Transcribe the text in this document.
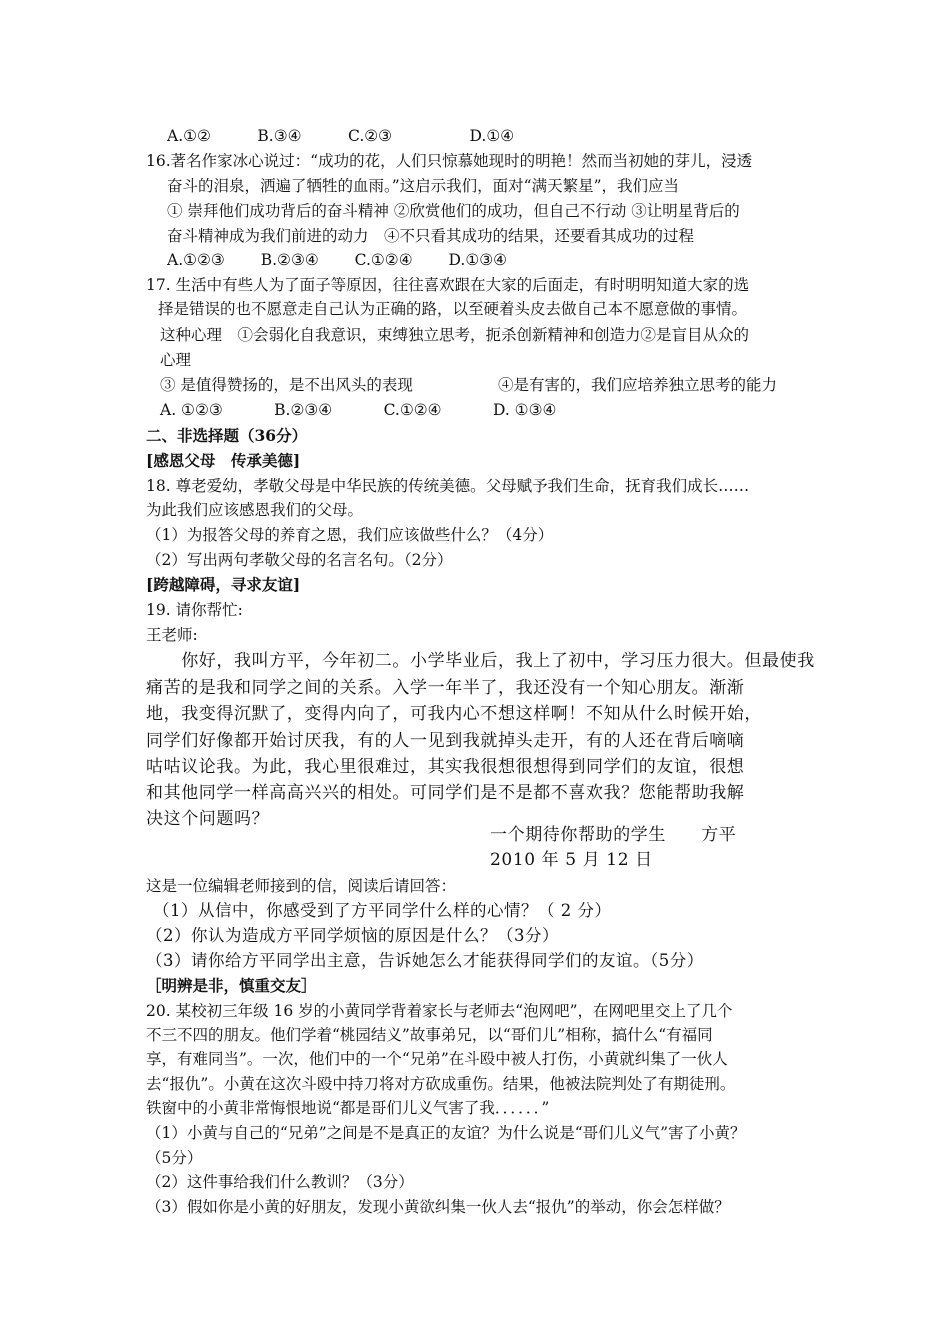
A.①②　　　B.③④　　　C.②③　　　　　D.①④
16.著名作家冰心说过：“成功的花，人们只惊慕她现时的明艳！然而当初她的芽儿，浸透
奋斗的泪泉，洒遍了牺牲的血雨。”这启示我们，面对“满天繁星”，我们应当
① 崇拜他们成功背后的奋斗精神 ②欣赏他们的成功，但自己不行动 ③让明星背后的
奋斗精神成为我们前进的动力　④不只看其成功的结果，还要看其成功的过程
A.①②③　　 B.②③④　　 C.①②④　　 D.①③④
17. 生活中有些人为了面子等原因，往往喜欢跟在大家的后面走，有时明明知道大家的选
择是错误的也不愿意走自己认为正确的路，以至硬着头皮去做自己本不愿意做的事情。
这种心理　①会弱化自我意识，束缚独立思考，扼杀创新精神和创造力②是盲目从众的
心理
③ 是值得赞扬的，是不出风头的表现	④是有害的，我们应培养独立思考的能力
A. ①②③　　　 B.②③④　　　 C.①②④　　　 D. ①③④
二、非选择题（36分）
[感恩父母　传承美德]
18. 尊老爱幼，孝敬父母是中华民族的传统美德。父母赋予我们生命，抚育我们成长……
为此我们应该感恩我们的父母。
（1）为报答父母的养育之恩，我们应该做些什么？（4分）
（2）写出两句孝敬父母的名言名句。（2分）
[跨越障碍，寻求友谊]
19. 请你帮忙:
王老师:
　　你好，我叫方平，今年初二。小学毕业后，我上了初中，学习压力很大。但最使我
痛苦的是我和同学之间的关系。入学一年半了，我还没有一个知心朋友。渐渐
地，我变得沉默了，变得内向了，可我内心不想这样啊！不知从什么时候开始，
同学们好像都开始讨厌我，有的人一见到我就掉头走开，有的人还在背后嘀嘀
咕咕议论我。为此，我心里很难过，其实我很想很想得到同学们的友谊，很想
和其他同学一样高高兴兴的相处。可同学们是不是都不喜欢我？您能帮助我解
决这个问题吗？
一个期待你帮助的学生　　方平
2010 年 5 月 12 日
这是一位编辑老师接到的信，阅读后请回答：
（1）从信中，你感受到了方平同学什么样的心情？（ 2 分）
（2）你认为造成方平同学烦恼的原因是什么？（3分）
（3）请你给方平同学出主意，告诉她怎么才能获得同学们的友谊。（5分）
［明辨是非，慎重交友］
20. 某校初三年级 16 岁的小黄同学背着家长与老师去“泡网吧”，在网吧里交上了几个
不三不四的朋友。他们学着“桃园结义”故事弟兄，以“哥们儿”相称，搞什么“有福同
享，有难同当”。一次，他们中的一个“兄弟”在斗殴中被人打伤，小黄就纠集了一伙人
去“报仇”。小黄在这次斗殴中持刀将对方砍成重伤。结果，他被法院判处了有期徒刑。
铁窗中的小黄非常悔恨地说“都是哥们儿义气害了我．．．．．．”
（1）小黄与自己的“兄弟”之间是不是真正的友谊？为什么说是“哥们儿义气”害了小黄？
（5分）
（2）这件事给我们什么教训？（3分）
（3）假如你是小黄的好朋友，发现小黄欲纠集一伙人去“报仇”的举动，你会怎样做？
